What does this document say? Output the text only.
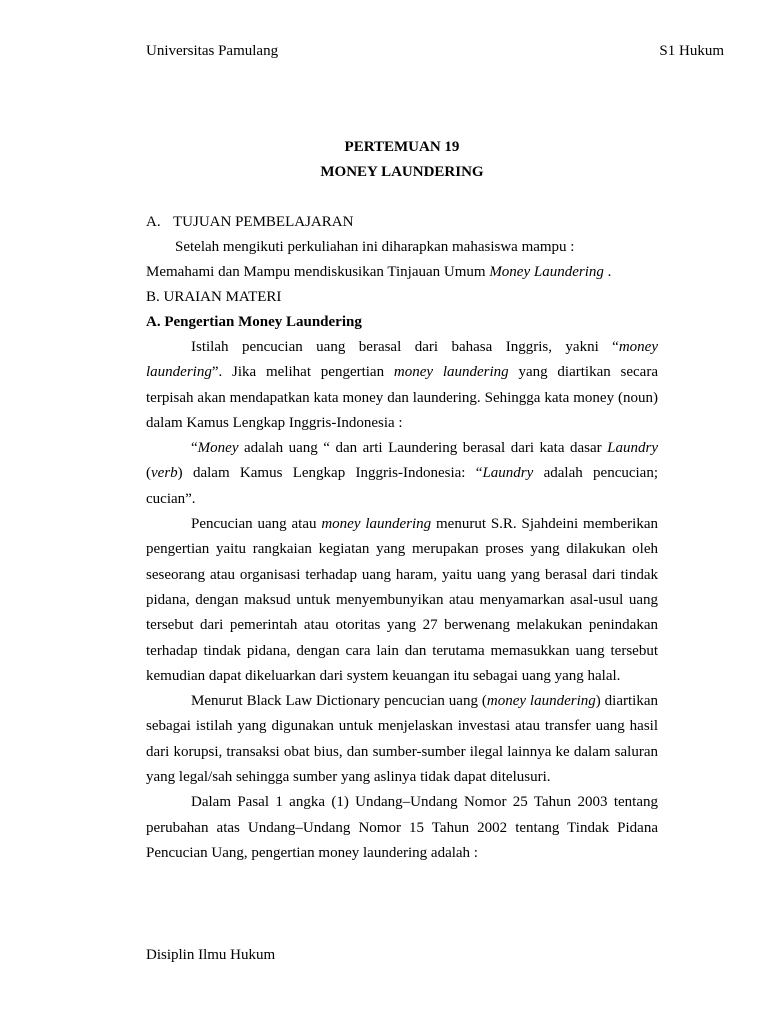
Universitas Pamulang	S1 Hukum
PERTEMUAN 19
MONEY LAUNDERING
A. TUJUAN PEMBELAJARAN
Setelah mengikuti perkuliahan ini diharapkan mahasiswa mampu :
Memahami dan Mampu mendiskusikan Tinjauan Umum Money Laundering .
B. URAIAN MATERI
A. Pengertian Money Laundering

Istilah pencucian uang berasal dari bahasa Inggris, yakni “money laundering”. Jika melihat pengertian money laundering yang diartikan secara terpisah akan mendapatkan kata money dan laundering. Sehingga kata money (noun) dalam Kamus Lengkap Inggris-Indonesia :

“Money adalah uang “ dan arti Laundering berasal dari kata dasar Laundry (verb) dalam Kamus Lengkap Inggris-Indonesia: “Laundry adalah pencucian; cucian”.

Pencucian uang atau money laundering menurut S.R. Sjahdeini memberikan pengertian yaitu rangkaian kegiatan yang merupakan proses yang dilakukan oleh seseorang atau organisasi terhadap uang haram, yaitu uang yang berasal dari tindak pidana, dengan maksud untuk menyembunyikan atau menyamarkan asal-usul uang tersebut dari pemerintah atau otoritas yang 27 berwenang melakukan penindakan terhadap tindak pidana, dengan cara lain dan terutama memasukkan uang tersebut kemudian dapat dikeluarkan dari system keuangan itu sebagai uang yang halal.

Menurut Black Law Dictionary pencucian uang (money laundering) diartikan sebagai istilah yang digunakan untuk menjelaskan investasi atau transfer uang hasil dari korupsi, transaksi obat bius, dan sumber-sumber ilegal lainnya ke dalam saluran yang legal/sah sehingga sumber yang aslinya tidak dapat ditelusuri.

Dalam Pasal 1 angka (1) Undang–Undang Nomor 25 Tahun 2003 tentang perubahan atas Undang–Undang Nomor 15 Tahun 2002 tentang Tindak Pidana Pencucian Uang, pengertian money laundering adalah :

Disiplin Ilmu Hukum
